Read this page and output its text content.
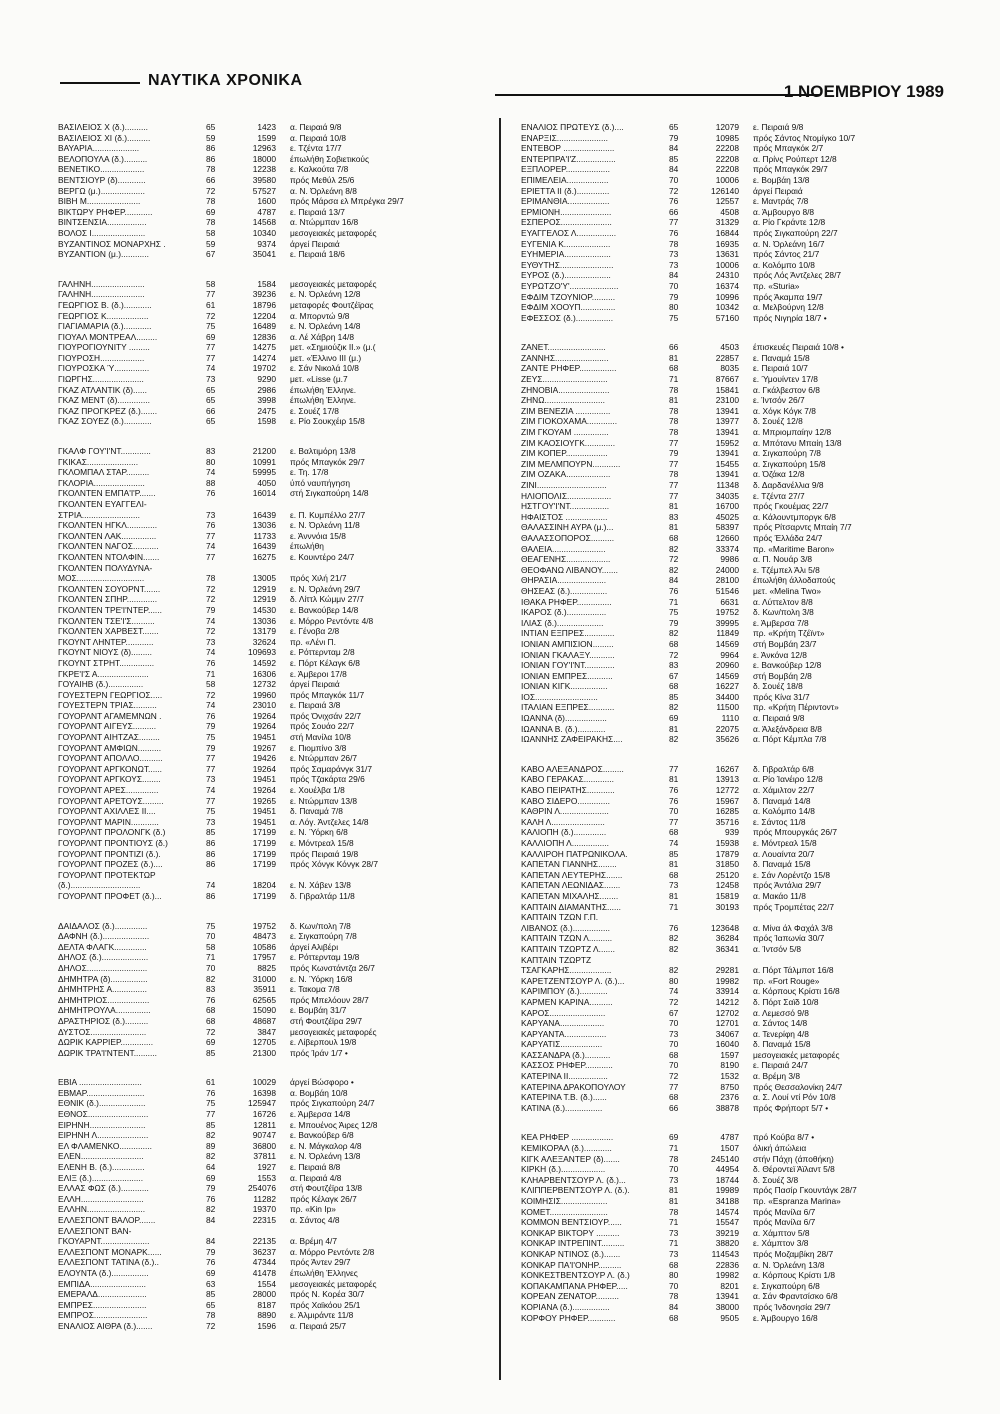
ΝΑΥΤΙΚΑ ΧΡΟΝΙΚΑ
1 ΝΟΕΜΒΡΙΟΥ 1989
ΒΑΣΙΛΕΙΟΣ Χ (δ.)..........	65	1423 α. Πειραιά 9/8
ΒΑΣΙΛΕΙΟΣ ΧΙ (δ.)..........	59	1599 α. Πειραιά 10/8
ΒΑΥΑΡΙΑ....................	86	12963 ε. Τζέντα 17/7
ΒΕΛΟΠΟΥΛΑ (δ.)..........	86	18000 έπωλήθη Σοβιετικούς
ΒΕΝΕΤΙΚΟ...................	78	12238 ε. Καλκούτα 7/8
ΒΕΝΤΣΙΟΥΡ (δ)............	66	39580 πρός Μεθύλ 25/6
ΒΕΡΓΩ (μ.)...................	72	57527 α. Ν. Όρλεάνη 8/8
ΒΙΒΗ Μ.......................	78	1600 πρός Μάρσα ελ Μπρέγκα 29/7
ΒΙΚΤΩΡΥ ΡΗΦΕΡ............	69	4787 ε. Πειραιά 13/7
ΒΙΝΤΣΕΝΣΙΑ.................	78	14568 α. Ντώρμπαν 16/8
ΒΟΛΟΣ Ι.......................	58	10340 μεσογειακές μεταφορές
ΒΥΖΑΝΤΙΝΟΣ ΜΟΝΑΡΧΗΣ .	59	9374 άργεί Πειραιά
ΒΥΖΑΝΤΙΟΝ (μ.)............	67	35041 ε. Πειραιά 18/6
ΓΑΛΗΝΗ.......................	58	1584 μεσογειακές μεταφορές
ΓΑΛΗΝΗ.......................	77	39236 ε. Ν. Όρλεάνη 12/8
ΓΕΩΡΓΙΟΣ Β. (δ.)............	61	18796 μεταφορές Φουτζέϊρας
ΓΕΩΡΓΙΟΣ Κ..................	72	12204 α. Μπορντώ 9/8
ΓΙΑΓΙΑΜΑΡΙΑ (δ.)............	75	16489 ε. Ν. Όρλεάνη 14/8
ΓΙΟΥΑΛ ΜΟΝΤΡΕΑΛ.........	69	12836 α. Λέ Χάβρη 14/8
ΓΙΟΥΡΟΓΙΟΥΝΙΤΥ .........	77	14275 μετ. «Σημιούζικ ΙΙ.» (μ.(
ΓΙΟΥΡΟΣΗ...................	77	14274 μετ. «Έλλινο ΙΙΙ (μ.)
ΓΙΟΥΡΟΣΚΑ Ύ...............	74	19702 ε. Σάν Νικολά 10/8
ΓΙΩΡΓΗΣ......................	73	9290 μετ. «Lisse (μ.7
ΓΚΑΖ ΑΤΛΑΝΤΙΚ (δ)......	65	2986 έπωλήθη Έλληνε.
ΓΚΑΖ ΜΕΝΤ (δ)..............	65	3998 έπωλήθη Έλληνε.
ΓΚΑΖ ΠΡΟΓΚΡΕΖ (δ.).......	66	2475 ε. Σουέζ 17/8
ΓΚΑΖ ΣΟΥΕΖ (δ.)............	65	1598 ε. Ρίο Σουκχέιρ 15/8
ΓΚΑΛΦ ΓΟΥ'Ι'ΝΤ.............	83	21200 ε. Βαλτιμόρη 13/8
ΓΚΙΚΑΣ......................	80	10991 πρός Μπαγκόκ 29/7
ΓΚΛΟΜΠΑΛ ΣΤΑΡ..........	74	59995 ε. Τη. 17/8
ΓΚΛΟΡΙΑ......................	88	4050 ύπό ναυπήγηση
ΓΚΟΛΝΤΕΝ ΕΜΠΑ'Ι'Ρ.......	76	16014 στή Σιγκαπούρη 14/8
ΓΚΟΛΝΤΕΝ ΕΥΑΓΓΕΛΙ-
ΣΤΡΙΑ.........................	73	16439 ε. Π. Κυμπέλλο 27/7
ΓΚΟΛΝΤΕΝ ΗΓΚΛ.............	76	13036 ε. Ν. Όρλεάνη 11/8
ΓΚΟΛΝΤΕΝ ΛΑΚ...............	77	11733 ε. Άνννόια 15/8
ΓΚΟΛΝΤΕΝ ΝΑΓΟΣ...........	74	16439 έπωλήθη
ΓΚΟΛΝΤΕΝ ΝΤΟΛΦΙΝ.......	77	16275 ε. Κουιντέρο 24/7
ΓΚΟΛΝΤΕΝ ΠΟΛΥΔΥΝΑ-
ΜΟΣ.............................	78	13005 πρός Χιλή 21/7
ΓΚΟΛΝΤΕΝ ΣΟΥΟΡΝΤ.......	72	12919 ε. Ν. Όρλεάνη 29/7
ΓΚΟΛΝΤΕΝ ΣΠΗΡ.............	72	12919 δ. Λίττλ Κώμμν 27/7
ΓΚΟΛΝΤΕΝ ΤΡΕ'Ι'ΝΤΕΡ......	79	14530 ε. Βανκούβερ 14/8
ΓΚΟΛΝΤΕΝ ΤΣΕ'Ι'Σ..........	74	13036 ε. Μόρρο Ρεντόντε 4/8
ΓΚΟΛΝΤΕΝ ΧΑΡΒΕΣΤ.......	72	13179 ε. Γένοβα 2/8
ΓΚΟΥΝΤ ΛΗΝΤΕΡ............	73	32624 πρ. «Λένι Π.
ΓΚΟΥΝΤ ΝΙΟΥΣ (δ).........	74	109693 ε. Ρόττερνταμ 2/8
ΓΚΟΥΝΤ ΣΤΡΗΤ...............	76	14592 ε. Πόρτ Κέλαγκ 6/8
ΓΚΡΕ'Ι'Σ Α......................	71	16306 ε. Άμβεροι 17/8
ΓΟΥΑΙΗΒ (δ.)...............	58	12732 άργεί Πειραιά
ΓΟΥΕΣΤΕΡΝ ΓΕΩΡΓΙΟΣ.....	72	19960 πρός Μπαγκόκ 11/7
ΓΟΥΕΣΤΕΡΝ ΤΡΙΑΣ..........	74	23010 ε. Πειραιά 3/8
ΓΟΥΟΡΛΝΤ ΑΓΑΜΕΜΝΩΝ .	76	19264 πρός Όνιχσάν 22/7
ΓΟΥΟΡΛΝΤ ΑΙΓΕΥΣ..........	79	19264 πρός Σουάο 22/7
ΓΟΥΟΡΛΝΤ ΑΙΗΤΖΑΣ.........	75	19451 στή Μανίλα 10/8
ΓΟΥΟΡΛΝΤ ΑΜΦΙΩΝ..........	79	19267 ε. Πιομπίνο 3/8
ΓΟΥΟΡΛΝΤ ΑΠΟΛΛΟ..........	77	19426 ε. Ντώρμπαν 26/7
ΓΟΥΟΡΛΝΤ ΑΡΓΚΟΝΩΤ......	77	19264 πρός Σαμαράνγκ 31/7
ΓΟΥΟΡΛΝΤ ΑΡΓΚΟΥΣ........	73	19451 πρός Τζακάρτα 29/6
ΓΟΥΟΡΛΝΤ ΑΡΕΣ..............	74	19264 ε. Χουέλβα 1/8
ΓΟΥΟΡΛΝΤ ΑΡΕΤΟΥΣ.........	77	19265 ε. Ντώρμπαν 13/8
ΓΟΥΟΡΛΝΤ ΑΧΙΛΛΕΣ ΙΙ....	75	19451 δ. Παναμά 7/8
ΓΟΥΟΡΛΝΤ ΜΑΡΙΝ............	73	19451 α. Λόγ. Άντζελες 14/8
ΓΟΥΟΡΛΝΤ ΠΡΟΛΟΝΓΚ (δ.)	85	17199 ε. Ν. Ύόρκη 6/8
ΓΟΥΟΡΛΝΤ ΠΡΟΝΤΙΟΥΣ (δ.)	86	17199 ε. Μόντρεαλ 15/8
ΓΟΥΟΡΛΝΤ ΠΡΟΝΤΙΖΙ (δ.).	86	17199 πρός Πειραιά 19/8
ΓΟΥΟΡΛΝΤ ΠΡΟΖΕΣ (δ.)....	86	17199 πρός Χόνγκ Κόνγκ 28/7
ΓΟΥΟΡΛΝΤ ΠΡΟΤΕΚΤΩΡ
(δ.)..............................	74	18204 ε. Ν. Χάβεν 13/8
ΓΟΥΟΡΛΝΤ ΠΡΟΦΕΤ (δ.)...	86	17199 δ. Γιβραλτάρ 11/8
ΔΑΙΔΑΛΟΣ (δ.)..............	75	19752 δ. Κων/πολη 7/8
ΔΑΦΝΗ (δ.)....................	70	48473 ε. Σιγκαπούρη 7/8
ΔΕΛΤΑ ΦΛΑΓΚ..............	58	10586 άργεί Αλιβέρι
ΔΗΛΟΣ (δ.)....................	71	17957 ε. Ρόττερνταμ 19/8
ΔΗΛΟΣ..........................	70	8825 πρός Κωνστάντζα 26/7
ΔΗΜΗΤΡΑ (δ)................	82	31000 ε. Ν. Ύόρκη 16/8
ΔΗΜΗΤΡΗΣ Α...............	83	35911 ε. Τακομα 7/8
ΔΗΜΗΤΡΙΟΣ..................	76	62565 πρός Μπελόουν 28/7
ΔΗΜΗΤΡΟΥΛΑ...............	68	15090 ε. Βομβάη 31/7
ΔΡΑΣΤΗΡΙΟΣ (δ.)..........	68	48687 στή Φουτζέϊρα 29/7
ΔΥΣΤΟΣ........................	72	3847 μεσογειακές μεταφορές
ΔΩΡΙΚ ΚΑΡΡΙΕΡ..............	69	12705 ε. Λίβερπουλ 19/8
ΔΩΡΙΚ ΤΡΑ'Ι'ΝΤΕΝΤ..........	85	21300 πρός Ίράν 1/7 •
ΕΒΙΑ ...........................	61	10029 άργεί Βώσφορο •
ΕΒΜΑΡ.........................	76	16398 α. Βομβάη 10/8
ΕΘΝΙΚ (δ.)....................	75	125947 πρός Σιγκαπούρη 24/7
ΕΘΝΟΣ..........................	77	16726 ε. Άμβερσα 14/8
ΕΙΡΗΝΗ........................	85	12811 ε. Μπουένος Άιρες 12/8
ΕΙΡΗΝΗ Λ......................	82	90747 ε. Βανκούβερ 6/8
ΕΛ ΦΛΑΜΕΝΚΟ..............	89	36800 ε. Ν. Μάγκαλορ 4/8
ΕΛΕΝ...........................	82	37811 ε. Ν. Όρλεάνη 13/8
ΕΛΕΝΗ Β. (δ.)..............	64	1927 ε. Πειραιά 8/8
ΕΛΙΞ (δ.)......................	69	1553 α. Πειραιά 4/8
ΕΛΛΑΣ ΦΩΣ (δ.)............	79	254076 στή Φουτζέϊρα 13/8
ΕΛΛΗ...........................	76	11282 πρός Κέλαγκ 26/7
ΕΛΛΗΝ.........................	82	19370 πρ. «Kin Ip»
ΕΛΛΕΣΠΟΝΤ ΒΑΛΟΡ.......	84	22315 α. Σάντος 4/8
ΕΛΛΕΣΠΟΝΤ ΒΑΝ-
ΓΚΟΥΑΡΝΤ.....................	84	22135 α. Βρέμη 4/7
ΕΛΛΕΣΠΟΝΤ ΜΟΝΑΡΚ......	79	36237 α. Μόρρο Ρεντόντε 2/8
ΕΛΛΕΣΠΟΝΤ ΤΑΤΙΝΑ (δ.)..	76	47344 πρός Άντεν 29/7
ΕΛΟΥΝΤΑ (δ.)................	69	41478 έπωλήθη Έλληνες
ΕΜΠΙΔΑ........................	63	1554 μεσογειακές μεταφορές
ΕΜΕΡΑΛΔ.....................	85	28000 πρός Ν. Κορέα 30/7
ΕΜΠΡΕΣ.......................	65	8187 πρός Χαϊκόου 25/1
ΕΜΠΡΟΣ.......................	78	8890 ε. Άλμιράντε 11/8
ΕΝΑΛΙΟΣ ΑΙΘΡΑ (δ.).......	72	1596 α. Πειραιά 25/7
ΕΝΑΛΙΟΣ ΠΡΩΤΕΥΣ (δ.)....	65	12079 ε. Πειραιά 9/8
ΕΝΑΡΞΙΣ......................	79	10985 πρός Σάντος Ντομίγκο 10/7
ΕΝΤΕΒΟΡ ......................	84	22208 πρός Μπαγκόκ 2/7
ΕΝΤΕΡΠΡΑ'Ι'Ζ.................	85	22208 α. Πρίνς Ρούπερτ 12/8
ΕΞΠΛΟΡΕΡ...................	84	22208 πρός Μπαγκόκ 29/7
ΕΠΙΜΕΛΕΙΑ..................	70	10006 ε. Βομβάη 13/8
ΕΡΙΕΤΤΑ ΙΙ (δ.)..............	72	126140 άργεί Πειραιά
ΕΡΙΜΑΝΘΙΑ..................	76	12557 ε. Μαντράς 7/8
ΕΡΜΙΟΝΗ......................	66	4508 α. Άμβουργο 8/8
ΕΣΠΕΡΟΣ......................	77	31329 α. Ρίο Γκράντε 12/8
ΕΥΑΓΓΕΛΟΣ Λ.................	76	16844 πρός Σιγκαπούρη 22/7
ΕΥΓΕΝΙΑ Κ....................	78	16935 α. Ν. Όρλεάνη 16/7
ΕΥΗΜΕΡΙΑ....................	73	13631 πρός Σάντος 21/7
ΕΥΘΥΤΗΣ.......................	73	10006 α. Κολόμπο 10/8
ΕΥΡΟΣ (δ.)....................	84	24310 πρός Λός Άντζελες 28/7
ΕΥΡΩΤΖΟ'Υ'.....................	70	16374 πρ. «Sturia»
ΕΦΔΙΜ ΤΖΟΥΝΙΟΡ..........	79	10996 πρός Άκαμπα 19/7
ΕΦΔΙΜ ΧΟΟΥΠ...............	80	10342 α. Μελβούρνη 12/8
ΕΦΕΣΣΟΣ (δ.)................	75	57160 πρός Νιγηρία 18/7 •
ΖΑΝΕΤ.........................	66	4503 έπισκευές Πειραιά 10/8 •
ΖΑΝΝΗΣ.......................	81	22857 ε. Παναμά 15/8
ΖΑΝΤΕ ΡΗΦΕΡ................	68	8035 ε. Πειραιά 10/7
ΖΕΥΣ............................	71	87667 ε. Ύμουίντεν 17/8
ΖΗΝΟΒΙΑ......................	78	15841 α. Γκάλβεστον 6/8
ΖΗΝΩ..........................	81	23100 ε. Ίντσόν 26/7
ΖΙΜ ΒΕΝΕΖΙΑ ...............	78	13941 α. Χόγκ Κόγκ 7/8
ΖΙΜ ΓΙΟΚΟΧΑΜΑ.............	78	13977 δ. Σουέζ 12/8
ΖΙΜ ΓΚΟΥΑΜ ...............	78	13941 α. Μπριομπαίην 12/8
ΖΙΜ ΚΑΟΣΙΟΥΓΚ.............	77	15952 α. Μπότανυ Μπαίη 13/8
ΖΙΜ ΚΟΠΕΡ..................	79	13941 α. Σιγκαπούρη 7/8
ΖΙΜ ΜΕΛΜΠΟΥΡΝ............	77	15455 α. Σιγκαπούρη 15/8
ΖΙΜ ΟΖΑΚΑ...................	78	13941 α. Όζάκα 12/8
ΖΙΝΙ..............................	77	11348 δ. Δαρδανέλλια 9/8
ΗΛΙΟΠΟΛΙΣ...................	77	34035 ε. Τζέντα 27/7
ΗΣΤΓΟΥ'Ι'ΝΤ.................	81	16700 πρός Γκουέμας 22/7
ΗΦΑΙΣΤΟΣ ..................	83	45025 α. Κάλουντμποργκ 6/8
ΘΑΛΑΣΣΙΝΗ ΑΥΡΑ (μ.)...	81	58397 πρός Ρίτσαρντς Μπαίη 7/7
ΘΑΛΑΣΣΟΠΟΡΟΣ..........	68	12660 πρός Έλλάδα 24/7
ΘΑΛΕΙΑ.......................	82	33374 πρ. «Maritime Baron»
ΘΕΑΓΕΝΗΣ...................	72	9986 α. Π. Νουάρ 3/8
ΘΕΟΦΑΝΩ ΛΙΒΑΝΟΥ.......	82	24000 ε. Τζέμπελ Άλι 5/8
ΘΗΡΑΣΙΑ.....................	84	28100 έπωλήθη άλλοδαπούς
ΘΗΣΕΑΣ (δ.)................	76	51546 μετ. «Melina Two»
ΙΘΑΚΑ ΡΗΦΕΡ...............	71	6631 α. Λύττελτον 8/8
ΙΚΑΡΟΣ (δ.).................	75	19752 δ. Κων/πολη 3/8
ΙΛΙΑΣ (δ.)....................	79	39995 ε. Άμβερσα 7/8
ΙΝΤΙΑΝ ΕΞΠΡΕΣ.............	82	11849 πρ. «Κρήτη Τζέϊντ»
ΙΟΝΙΑΝ ΑΜΠΙΣΙΟΝ.........	68	14569 στή Βομβάη 23/7
ΙΟΝΙΑΝ ΓΚΑΛΑΞΥ...........	72	9964 ε. Άνκόνα 12/8
ΙΟΝΙΑΝ ΓΟΥ'Ι'ΝΤ.............	83	20960 ε. Βανκούβερ 12/8
ΙΟΝΙΑΝ ΕΜΠΡΕΣ...........	67	14569 στή Βομβάη 2/8
ΙΟΝΙΑΝ ΚΙΓΚ................	68	16227 δ. Σουέζ 18/8
ΙΟΣ...........................	85	34400 πρός Κίνα 31/7
ΙΤΑΛΙΑΝ ΕΞΠΡΕΣ...........	82	11500 πρ. «Κρήτη Πέριντοντ»
ΙΩΑΝΝΑ (δ)..................	69	1110 α. Πειραιά 9/8
ΙΩΑΝΝΑ Β. (δ.)............	81	22075 α. Άλεξάνδρεια 8/8
ΙΩΑΝΝΗΣ ΖΑΦΕΙΡΑΚΗΣ....	82	35626 α. Πόρτ Κέμπλα 7/8
ΚΑΒΟ ΑΛΕΞΑΝΔΡΟΣ.........	77	16267 δ. Γιβραλτάρ 6/8
ΚΑΒΟ ΓΕΡΑΚΑΣ.............	81	13913 α. Ρίο Ίανέιρο 12/8
ΚΑΒΟ ΠΕΙΡΑΤΗΣ............	76	12772 α. Χάμιλτον 22/7
ΚΑΒΟ ΣΙΔΕΡΟ..............	76	15967 δ. Παναμά 14/8
ΚΑΘΡΙΝ Λ.....................	70	16285 α. Κολόμπο 14/8
ΚΑΛΗ Λ.......................	77	35716 ε. Σάντος 11/8
ΚΑΛΙΟΠΗ (δ.)..............	68	939 πρός Μπουργκάς 26/7
ΚΑΛΛΙΟΠΗ Λ................	74	15938 ε. Μόντρεαλ 15/8
ΚΑΛΛΙΡΟΗ ΠΑΤΡΩΝΙΚΟΛΑ.	85	17879 α. Λουαίντα 20/7
ΚΑΠΕΤΑΝ ΓΙΑΝΝΗΣ........	81	31850 δ. Παναμά 15/8
ΚΑΠΕΤΑΝ ΛΕΥΤΕΡΗΣ.......	68	25120 ε. Σάν Λορέντζο 15/8
ΚΑΠΕΤΑΝ ΛΕΩΝΙΔΑΣ.......	73	12458 πρός Άντάλια 29/7
ΚΑΠΕΤΑΝ ΜΙΧΑΛΗΣ........	81	15819 α. Μακάο 11/8
ΚΑΠΤΑΙΝ ΔΙΑΜΑΝΤΗΣ......	71	30193 πρός Τρομπέτας 22/7
ΚΑΠΤΑΙΝ ΤΖΩΝ Γ.Π.
ΛΙΒΑΝΟΣ (δ.)................	76	123648 α. Μίνα άλ Φαχάλ 3/8
ΚΑΠΤΑΙΝ ΤΖΩΝ Λ..........	82	36284 πρός Ίαπωνία 30/7
ΚΑΠΤΑΙΝ ΤΖΩΡΤΖ Λ.......	82	36341 α. Ίντσόν 5/8
ΚΑΠΤΑΙΝ ΤΖΩΡΤΖ
ΤΣΑΓΚΑΡΗΣ..................	82	29281 α. Πόρτ Τάλμποτ 16/8
ΚΑΡΕΤΖΕΝΤΣΟΥΡ Λ. (δ.)...	80	19982 πρ. «Fort Rouge»
ΚΑΡΙΜΠΟΥ (δ.)............	74	33914 α. Κόρπους Κρίστι 16/8
ΚΑΡΜΕΝ ΚΑΡΙΝΑ..........	72	14212 δ. Πόρτ Σαϊδ 10/8
ΚΑΡΟΣ........................	67	12702 α. Λεμεσσό 9/8
ΚΑΡΥΑΝΑ...................	70	12701 α. Σάντος 14/8
ΚΑΡΥΑΝΤΑ..................	73	34067 α. Τενερίφη 4/8
ΚΑΡΥΑΤΙΣ..................	70	16040 δ. Παναμά 15/8
ΚΑΣΣΑΝΔΡΑ (δ.)...........	68	1597 μεσογειακές μεταφορές
ΚΑΣΣΟΣ ΡΗΦΕΡ............	70	8190 ε. Πειραιά 24/7
ΚΑΤΕΡΙΝΑ ΙΙ.................	72	1532 α. Βρέμη 3/8
ΚΑΤΕΡΙΝΑ ΔΡΑΚΟΠΟΥΛΟΥ	77	8750 πρός Θεσσαλονίκη 24/7
ΚΑΤΕΡΙΝΑ Τ.Β. (δ.)......	68	2376 α. Σ. Λουί ντί Ρόν 10/8
ΚΑΤΙΝΑ (δ.)................	66	38878 πρός Φρήπορτ 5/7 •
ΚΕΑ ΡΗΦΕΡ ..................	69	4787 πρό Κούβα 8/7 •
ΚΕΜΙΚΟΡΑΛ (δ.)............	71	1507 όλική άπώλεια
ΚΙΓΚ ΑΛΕΞΑΝΤΕΡ (δ).......	78	245140 στήν Πάχη (άποθήκη)
ΚΙΡΚΗ (δ.)...................	70	44954 δ. Θέροντεϊ Άϊλαντ 5/8
ΚΛΗΑΡΒΕΝΤΣΟΥΡ Λ. (δ.)...	73	18744 δ. Σουέζ 3/8
ΚΛΙΠΠΕΡΒΕΝΤΣΟΥΡ Λ. (δ.).	81	19989 πρός Πασίρ Γκουντάγκ 28/7
ΚΟΙΜΗΣΙΣ....................	81	34188 πρ. «Espranza Marina»
ΚΟΜΕΤ.........................	78	14574 πρός Μανίλα 6/7
ΚΟΜΜΟΝ ΒΕΝΤΣΙΟΥΡ......	71	15547 πρός Μανίλα 6/7
ΚΟΝΚΑΡ ΒΙΚΤΟΡΥ ..........	73	39219 α. Χάμπτον 5/8
ΚΟΝΚΑΡ ΙΝΤΡΕΠΙΝΤ..........	71	38820 ε. Χάμπτον 3/8
ΚΟΝΚΑΡ ΝΤΙΝΟΣ (δ.).......	73	114543 πρός Μοζαμβίκη 28/7
ΚΟΝΚΑΡ ΠΑ'Ι'ΟΝΗΡ..........	68	22836 α. Ν. Όρλεάνη 13/8
ΚΟΝΚΕΣΤΒΕΝΤΣΟΥΡ Λ. (δ.)	80	19982 α. Κόρπους Κρίστι 1/8
ΚΟΠΑΚΑΜΠΑΝΑ ΡΗΦΕΡ.....	70	8201 ε. Σιγκαπούρη 6/8
ΚΟΡΕΑΝ ΖΕΝΑΤΟΡ..........	78	13941 α. Σάν Φραντσίσκο 6/8
ΚΟΡΙΑΝΑ (δ.)................	84	38000 πρός Ίνδονησία 29/7
ΚΟΡΦΟΥ ΡΗΦΕΡ............	68	9505 ε. Άμβουργο 16/8
